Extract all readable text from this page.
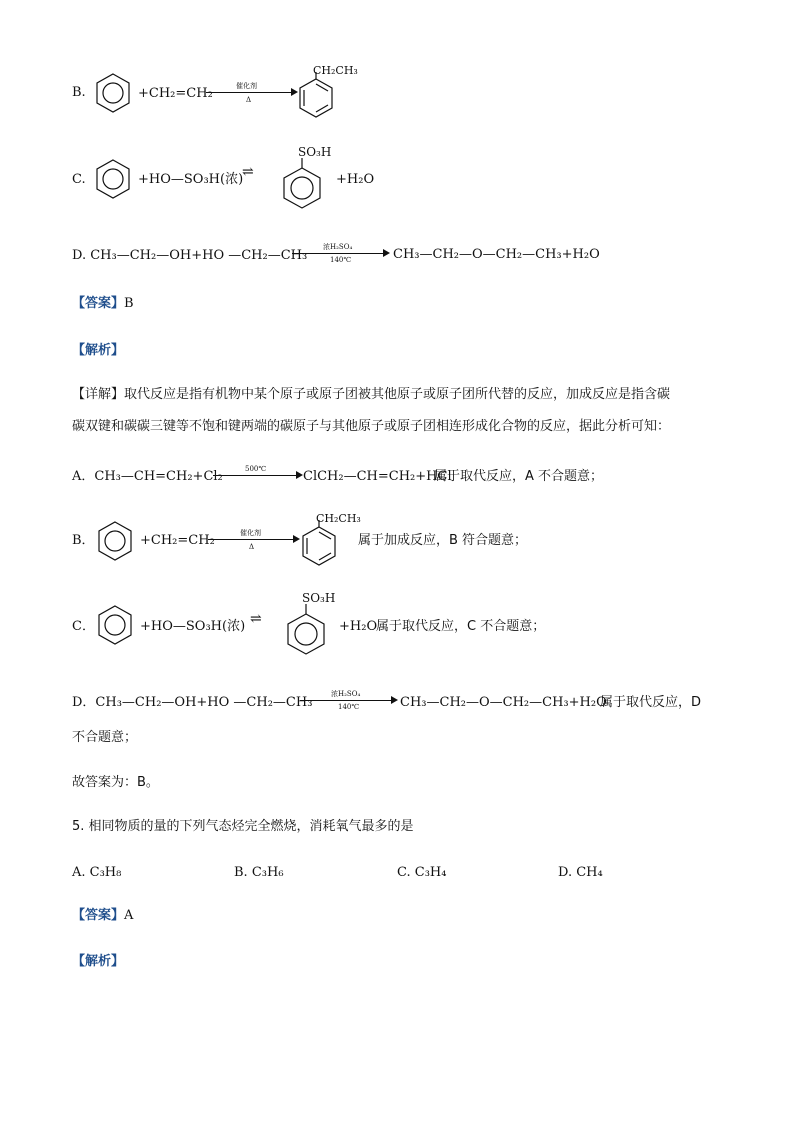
B.	+CH₂=CH₂	催化剂
Δ
CH₂CH₃
C.	+HO—SO₃H(浓)
⇌
SO₃H
+H₂O
D. CH₃—CH₂—OH+HO —CH₂—CH₃
浓H₂SO₄
140℃	CH₃—CH₂—O—CH₂—CH₃+H₂O
【答案】B
【解析】
【详解】取代反应是指有机物中某个原子或原子团被其他原子或原子团所代替的反应，加成反应是指含碳
碳双键和碳碳三键等不饱和键两端的碳原子与其他原子或原子团相连形成化合物的反应，据此分析可知：
A．CH₃—CH=CH₂+Cl₂	500℃	ClCH₂—CH=CH₂+HCl
属于取代反应，A 不合题意；
B．	+CH₂=CH₂	催化剂
Δ
CH₂CH₃
属于加成反应，B 符合题意；
C．	+HO—SO₃H(浓) ⇌
SO₃H
+H₂O
属于取代反应，C 不合题意；
D．CH₃—CH₂—OH+HO —CH₂—CH₃
浓H₂SO₄
140℃	CH₃—CH₂—O—CH₂—CH₃+H₂O
属于取代反应，D
不合题意；
故答案为：B。
5. 相同物质的量的下列气态烃完全燃烧，消耗氧气最多的是
A. C₃H₈	B. C₃H₆	C. C₃H₄	D. CH₄
【答案】A
【解析】
